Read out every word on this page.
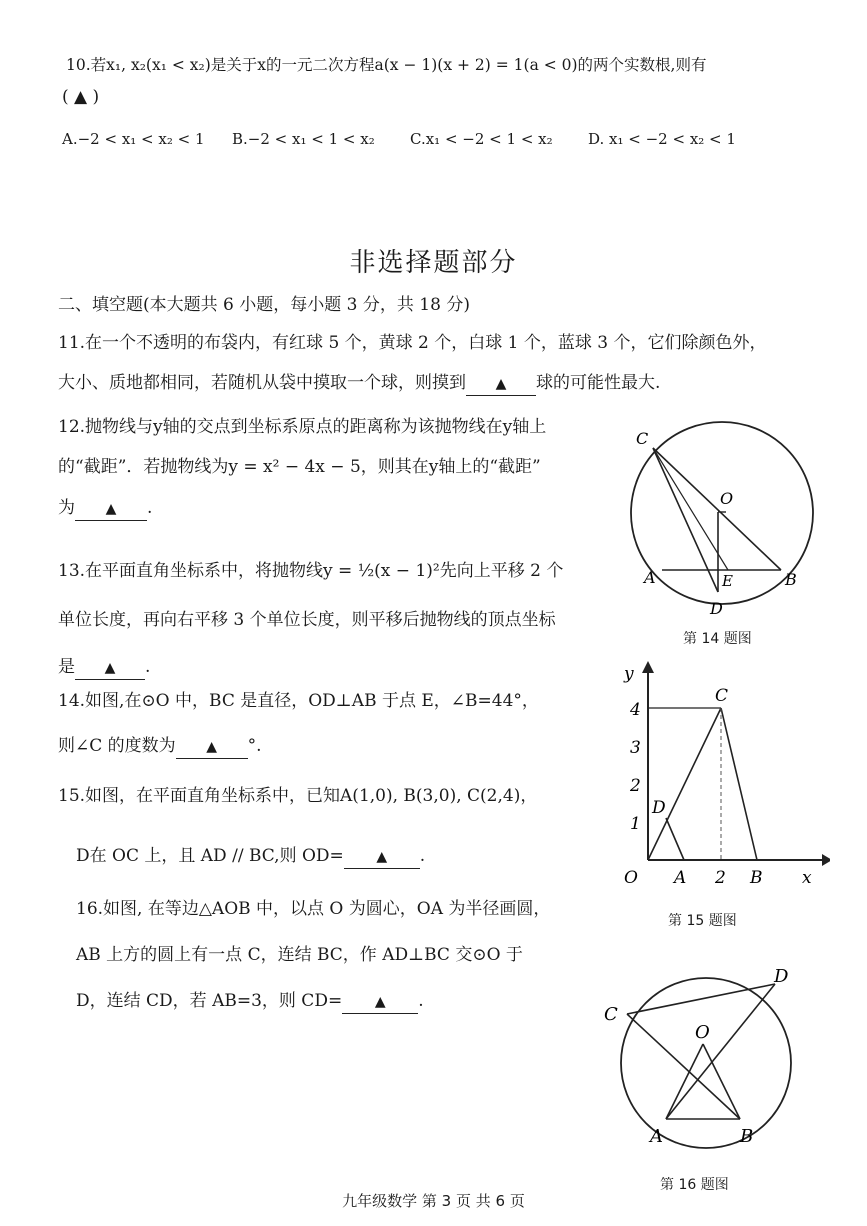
10.若x₁, x₂(x₁ < x₂)是关于x的一元二次方程a(x − 1)(x + 2) = 1(a < 0)的两个实数根,则有
( ▲ )
A.−2 < x₁ < x₂ < 1 B.−2 < x₁ < 1 < x₂ C.x₁ < −2 < 1 < x₂ D. x₁ < −2 < x₂ < 1
非选择题部分
二、填空题(本大题共 6 小题，每小题 3 分，共 18 分)
11.在一个不透明的布袋内，有红球 5 个，黄球 2 个，白球 1 个，蓝球 3 个，它们除颜色外，
大小、质地都相同，若随机从袋中摸取一个球，则摸到 ▲ 球的可能性最大.
12.抛物线与y轴的交点到坐标系原点的距离称为该抛物线在y轴上
的“截距”．若抛物线为y = x² − 4x − 5，则其在y轴上的“截距”
为 ▲ .
13.在平面直角坐标系中，将抛物线y = ½(x − 1)²先向上平移 2 个
单位长度，再向右平移 3 个单位长度，则平移后抛物线的顶点坐标
是 ▲ .
14.如图,在⊙O 中，BC 是直径，OD⊥AB 于点 E，∠B=44°，
则∠C 的度数为 ▲ °.
15.如图，在平面直角坐标系中，已知A(1,0), B(3,0), C(2,4)，
D在 OC 上，且 AD // BC,则 OD= ▲ .
16.如图, 在等边△AOB 中，以点 O 为圆心，OA 为半径画圆，
AB 上方的圆上有一点 C，连结 BC，作 AD⊥BC 交⊙O 于
D，连结 CD，若 AB=3，则 CD= ▲ .
C
O
A	E	B
D
第 14 题图
y
4
3
2
1
O A 2 B x
C
D
第 15 题图
C
D
O
A	B
第 16 题图
九年级数学 第 3 页 共 6 页
